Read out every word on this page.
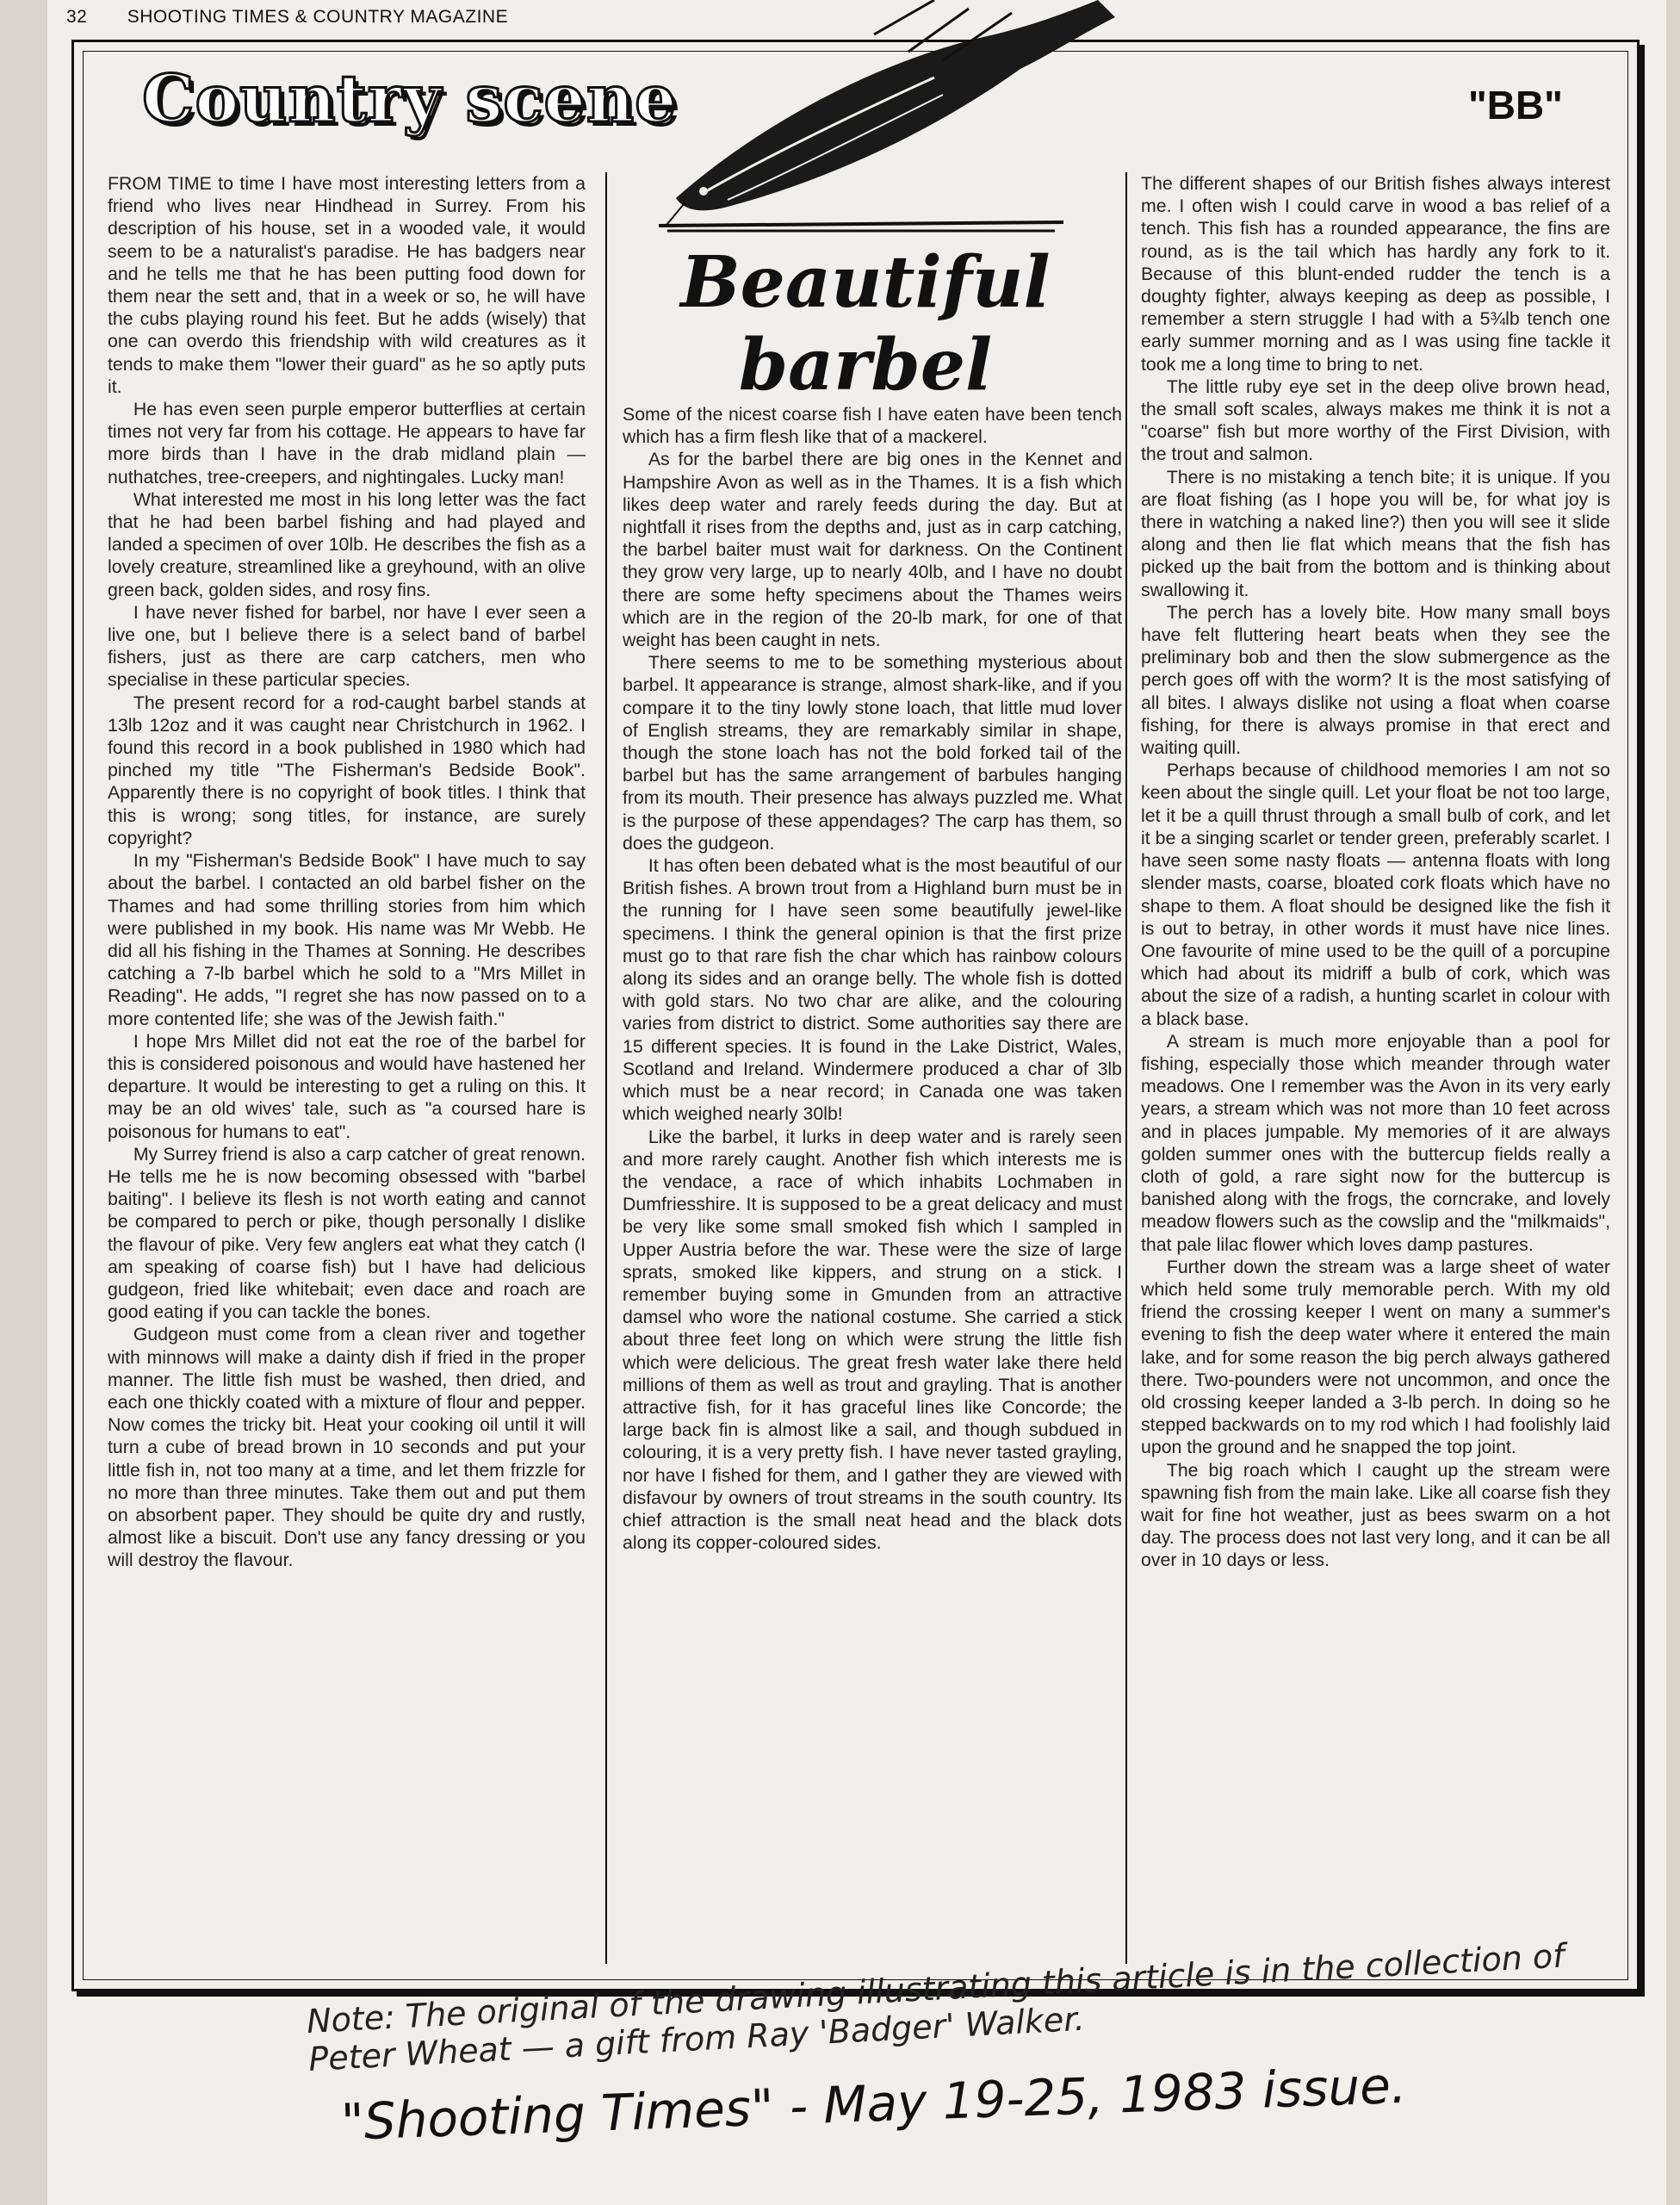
32 SHOOTING TIMES & COUNTRY MAGAZINE
Country scene	"BB"
Beautiful barbel

FROM TIME to time I have most interesting letters from a friend who lives near Hindhead in Surrey. From his description of his house, set in a wooded vale, it would seem to be a naturalist's paradise. He has badgers near and he tells me that he has been putting food down for them near the sett and, that in a week or so, he will have the cubs playing round his feet. But he adds (wisely) that one can overdo this friendship with wild creatures as it tends to make them "lower their guard" as he so aptly puts it.

He has even seen purple emperor butterflies at certain times not very far from his cottage. He appears to have far more birds than I have in the drab midland plain — nuthatches, tree-creepers, and nightingales. Lucky man!

What interested me most in his long letter was the fact that he had been barbel fishing and had played and landed a specimen of over 10lb. He describes the fish as a lovely creature, streamlined like a greyhound, with an olive green back, golden sides, and rosy fins.

I have never fished for barbel, nor have I ever seen a live one, but I believe there is a select band of barbel fishers, just as there are carp catchers, men who specialise in these particular species.

The present record for a rod-caught barbel stands at 13lb 12oz and it was caught near Christchurch in 1962. I found this record in a book published in 1980 which had pinched my title "The Fisherman's Bedside Book". Apparently there is no copyright of book titles. I think that this is wrong; song titles, for instance, are surely copyright?

In my "Fisherman's Bedside Book" I have much to say about the barbel. I contacted an old barbel fisher on the Thames and had some thrilling stories from him which were published in my book. His name was Mr Webb. He did all his fishing in the Thames at Sonning. He describes catching a 7-lb barbel which he sold to a "Mrs Millet in Reading". He adds, "I regret she has now passed on to a more contented life; she was of the Jewish faith."

I hope Mrs Millet did not eat the roe of the barbel for this is considered poisonous and would have hastened her departure. It would be interesting to get a ruling on this. It may be an old wives' tale, such as "a coursed hare is poisonous for humans to eat".

My Surrey friend is also a carp catcher of great renown. He tells me he is now becoming obsessed with "barbel baiting". I believe its flesh is not worth eating and cannot be compared to perch or pike, though personally I dislike the flavour of pike. Very few anglers eat what they catch (I am speaking of coarse fish) but I have had delicious gudgeon, fried like whitebait; even dace and roach are good eating if you can tackle the bones.

Gudgeon must come from a clean river and together with minnows will make a dainty dish if fried in the proper manner. The little fish must be washed, then dried, and each one thickly coated with a mixture of flour and pepper. Now comes the tricky bit. Heat your cooking oil until it will turn a cube of bread brown in 10 seconds and put your little fish in, not too many at a time, and let them frizzle for no more than three minutes. Take them out and put them on absorbent paper. They should be quite dry and rustly, almost like a biscuit. Don't use any fancy dressing or you will destroy the flavour.

Some of the nicest coarse fish I have eaten have been tench which has a firm flesh like that of a mackerel.

As for the barbel there are big ones in the Kennet and Hampshire Avon as well as in the Thames. It is a fish which likes deep water and rarely feeds during the day. But at nightfall it rises from the depths and, just as in carp catching, the barbel baiter must wait for darkness. On the Continent they grow very large, up to nearly 40lb, and I have no doubt there are some hefty specimens about the Thames weirs which are in the region of the 20-lb mark, for one of that weight has been caught in nets.

There seems to me to be something mysterious about barbel. It appearance is strange, almost shark-like, and if you compare it to the tiny lowly stone loach, that little mud lover of English streams, they are remarkably similar in shape, though the stone loach has not the bold forked tail of the barbel but has the same arrangement of barbules hanging from its mouth. Their presence has always puzzled me. What is the purpose of these appendages? The carp has them, so does the gudgeon.

It has often been debated what is the most beautiful of our British fishes. A brown trout from a Highland burn must be in the running for I have seen some beautifully jewel-like specimens. I think the general opinion is that the first prize must go to that rare fish the char which has rainbow colours along its sides and an orange belly. The whole fish is dotted with gold stars. No two char are alike, and the colouring varies from district to district. Some authorities say there are 15 different species. It is found in the Lake District, Wales, Scotland and Ireland. Windermere produced a char of 3lb which must be a near record; in Canada one was taken which weighed nearly 30lb!

Like the barbel, it lurks in deep water and is rarely seen and more rarely caught. Another fish which interests me is the vendace, a race of which inhabits Lochmaben in Dumfriesshire. It is supposed to be a great delicacy and must be very like some small smoked fish which I sampled in Upper Austria before the war. These were the size of large sprats, smoked like kippers, and strung on a stick. I remember buying some in Gmunden from an attractive damsel who wore the national costume. She carried a stick about three feet long on which were strung the little fish which were delicious. The great fresh water lake there held millions of them as well as trout and grayling. That is another attractive fish, for it has graceful lines like Concorde; the large back fin is almost like a sail, and though subdued in colouring, it is a very pretty fish. I have never tasted grayling, nor have I fished for them, and I gather they are viewed with disfavour by owners of trout streams in the south country. Its chief attraction is the small neat head and the black dots along its copper-coloured sides.

The different shapes of our British fishes always interest me. I often wish I could carve in wood a bas relief of a tench. This fish has a rounded appearance, the fins are round, as is the tail which has hardly any fork to it. Because of this blunt-ended rudder the tench is a doughty fighter, always keeping as deep as possible, I remember a stern struggle I had with a 5¾lb tench one early summer morning and as I was using fine tackle it took me a long time to bring to net.

The little ruby eye set in the deep olive brown head, the small soft scales, always makes me think it is not a "coarse" fish but more worthy of the First Division, with the trout and salmon.

There is no mistaking a tench bite; it is unique. If you are float fishing (as I hope you will be, for what joy is there in watching a naked line?) then you will see it slide along and then lie flat which means that the fish has picked up the bait from the bottom and is thinking about swallowing it.

The perch has a lovely bite. How many small boys have felt fluttering heart beats when they see the preliminary bob and then the slow submergence as the perch goes off with the worm? It is the most satisfying of all bites. I always dislike not using a float when coarse fishing, for there is always promise in that erect and waiting quill.

Perhaps because of childhood memories I am not so keen about the single quill. Let your float be not too large, let it be a quill thrust through a small bulb of cork, and let it be a singing scarlet or tender green, preferably scarlet. I have seen some nasty floats — antenna floats with long slender masts, coarse, bloated cork floats which have no shape to them. A float should be designed like the fish it is out to betray, in other words it must have nice lines. One favourite of mine used to be the quill of a porcupine which had about its midriff a bulb of cork, which was about the size of a radish, a hunting scarlet in colour with a black base.

A stream is much more enjoyable than a pool for fishing, especially those which meander through water meadows. One I remember was the Avon in its very early years, a stream which was not more than 10 feet across and in places jumpable. My memories of it are always golden summer ones with the buttercup fields really a cloth of gold, a rare sight now for the buttercup is banished along with the frogs, the corncrake, and lovely meadow flowers such as the cowslip and the "milkmaids", that pale lilac flower which loves damp pastures.

Further down the stream was a large sheet of water which held some truly memorable perch. With my old friend the crossing keeper I went on many a summer's evening to fish the deep water where it entered the main lake, and for some reason the big perch always gathered there. Two-pounders were not uncommon, and once the old crossing keeper landed a 3-lb perch. In doing so he stepped backwards on to my rod which I had foolishly laid upon the ground and he snapped the top joint.

The big roach which I caught up the stream were spawning fish from the main lake. Like all coarse fish they wait for fine hot weather, just as bees swarm on a hot day. The process does not last very long, and it can be all over in 10 days or less.

Note: The original of the drawing illustrating this article is in the collection of Peter Wheat — a gift from Ray 'Badger' Walker.
"Shooting Times" - May 19-25, 1983 issue.
